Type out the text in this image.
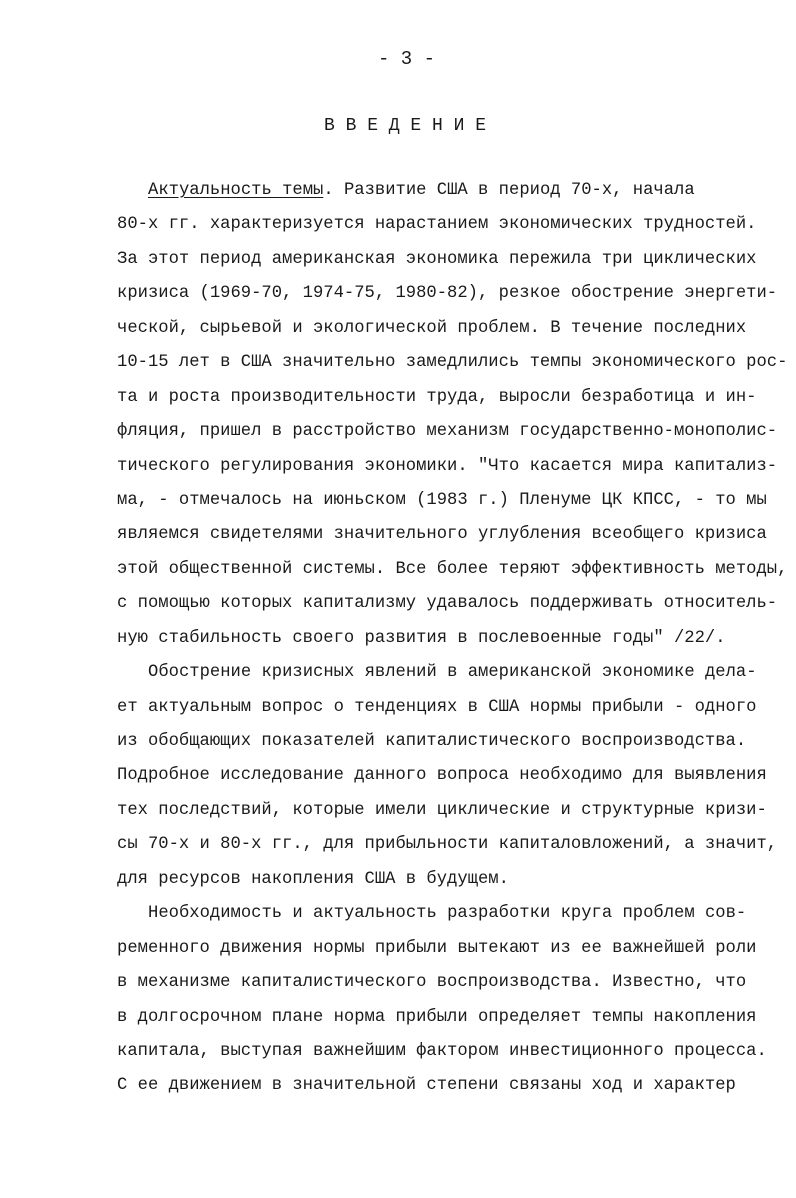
- 3 -
В В Е Д Е Н И Е
Актуальность темы. Развитие США в период 70-х, начала
80-х гг. характеризуется нарастанием экономических трудностей.
За этот период американская экономика пережила три циклических
кризиса (1969-70, 1974-75, 1980-82), резкое обострение энергети-
ческой, сырьевой и экологической проблем. В течение последних
10-15 лет в США значительно замедлились темпы экономического рос-
та и роста производительности труда, выросли безработица и ин-
фляция, пришел в расстройство механизм государственно-монополис-
тического регулирования экономики. "Что касается мира капитализ-
ма, - отмечалось на июньском (1983 г.) Пленуме ЦК КПСС, - то мы
являемся свидетелями значительного углубления всеобщего кризиса
этой общественной системы. Все более теряют эффективность методы,
с помощью которых капитализму удавалось поддерживать относитель-
ную стабильность своего развития в послевоенные годы" /22/.
Обострение кризисных явлений в американской экономике дела-
ет актуальным вопрос о тенденциях в США нормы прибыли - одного
из обобщающих показателей капиталистического воспроизводства.
Подробное исследование данного вопроса необходимо для выявления
тех последствий, которые имели циклические и структурные кризи-
сы 70-х и 80-х гг., для прибыльности капиталовложений, а значит,
для ресурсов накопления США в будущем.
Необходимость и актуальность разработки круга проблем сов-
ременного движения нормы прибыли вытекают из ее важнейшей роли
в механизме капиталистического воспроизводства. Известно, что
в долгосрочном плане норма прибыли определяет темпы накопления
капитала, выступая важнейшим фактором инвестиционного процесса.
С ее движением в значительной степени связаны ход и характер
